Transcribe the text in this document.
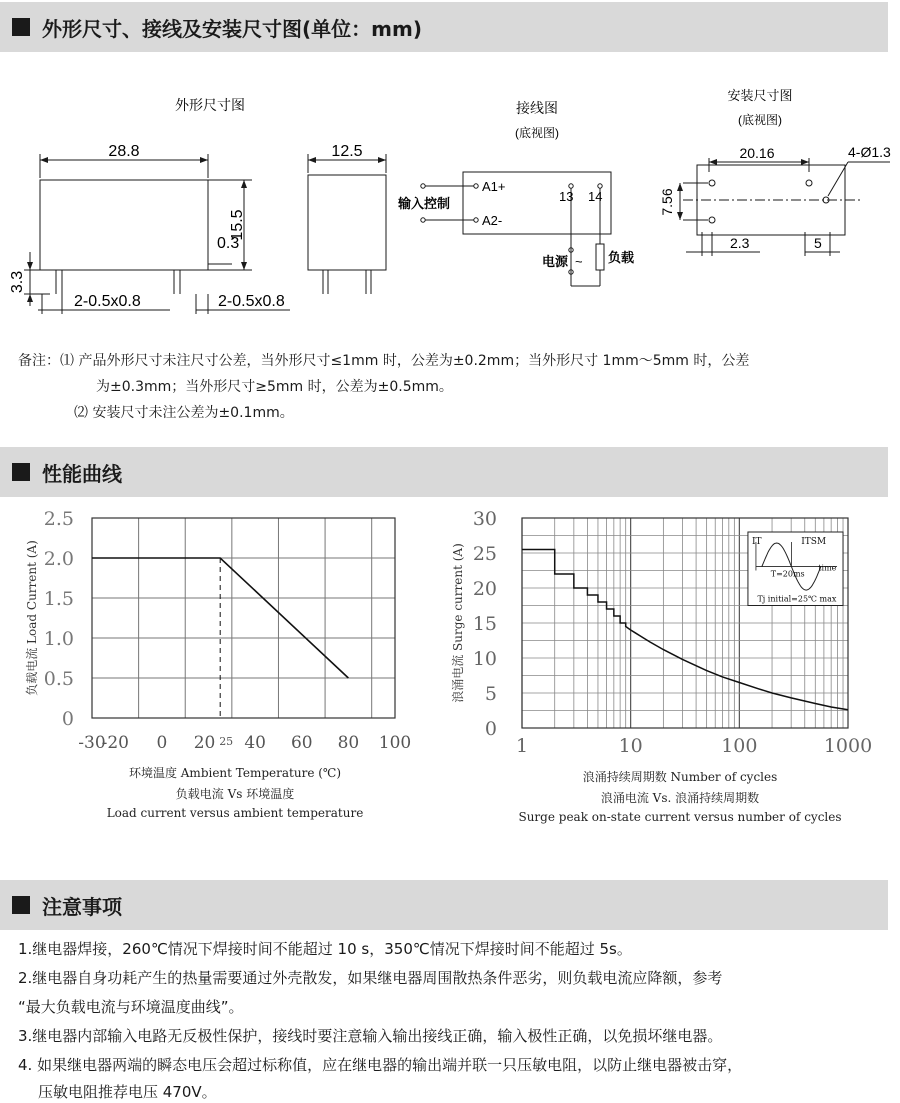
外形尺寸、接线及安装尺寸图(单位：mm)
外形尺寸图
28.8
15.5
0.3
3.3
2-0.5x0.8	2-0.5x0.8
12.5
接线图
(底视图)
输入控制
A1+
A2-
13 14
电源 ~ 负载
安装尺寸图
(底视图)
20.16	4-Ø1.3
7.56
2.3	5
备注：⑴ 产品外形尺寸未注尺寸公差，当外形尺寸≤1mm 时，公差为±0.2mm；当外形尺寸 1mm～5mm 时，公差
为±0.3mm；当外形尺寸≥5mm 时，公差为±0.5mm。
⑵ 安装尺寸未注公差为±0.1mm。
性能曲线
0
0.5
1.0
1.5
2.0
2.5
-30
-20 0 20 25 40 60 80 100
负载电流 Load Current (A)
0
5
10
15
20
25
30
1	10	100	1000
浪涌电流 Surge current (A)
IT	ITSM
T=20ms
time
Tj initial=25℃ max
环境温度 Ambient Temperature (℃)
负载电流 Vs 环境温度
Load current versus ambient temperature
浪涌持续周期数 Number of cycles
浪涌电流 Vs. 浪涌持续周期数
Surge peak on-state current versus number of cycles
注意事项
1.继电器焊接，260℃情况下焊接时间不能超过 10 s，350℃情况下焊接时间不能超过 5s。
2.继电器自身功耗产生的热量需要通过外壳散发，如果继电器周围散热条件恶劣，则负载电流应降额，参考
“最大负载电流与环境温度曲线”。
3.继电器内部输入电路无反极性保护，接线时要注意输入输出接线正确，输入极性正确，以免损坏继电器。
4. 如果继电器两端的瞬态电压会超过标称值，应在继电器的输出端并联一只压敏电阻，以防止继电器被击穿，
压敏电阻推荐电压 470V。
